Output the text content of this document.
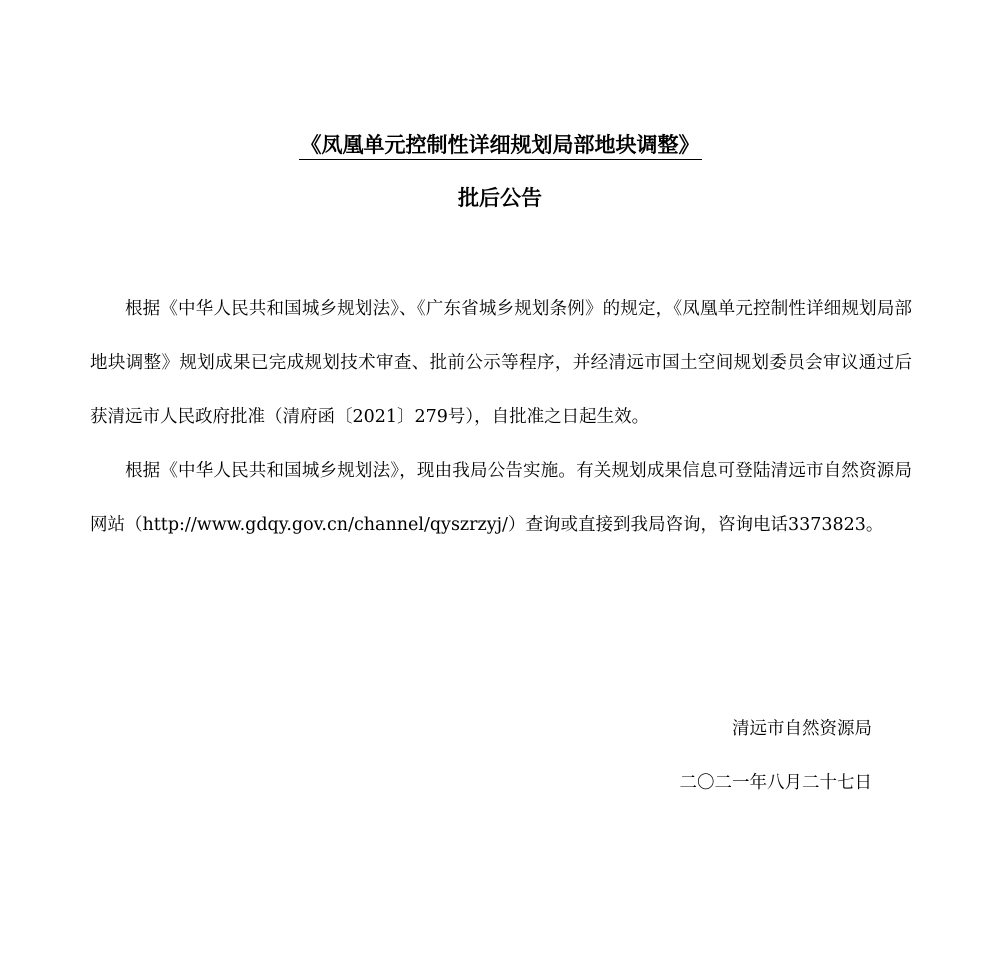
《凤凰单元控制性详细规划局部地块调整》
批后公告

根据《中华人民共和国城乡规划法》、《广东省城乡规划条例》的规定，《凤凰单元控制性详细规划局部地块调整》规划成果已完成规划技术审查、批前公示等程序，并经清远市国土空间规划委员会审议通过后获清远市人民政府批准（清府函〔2021〕279号），自批准之日起生效。

根据《中华人民共和国城乡规划法》，现由我局公告实施。有关规划成果信息可登陆清远市自然资源局网站（http://www.gdqy.gov.cn/channel/qyszrzyj/）查询或直接到我局咨询，咨询电话3373823。

清远市自然资源局
二〇二一年八月二十七日
